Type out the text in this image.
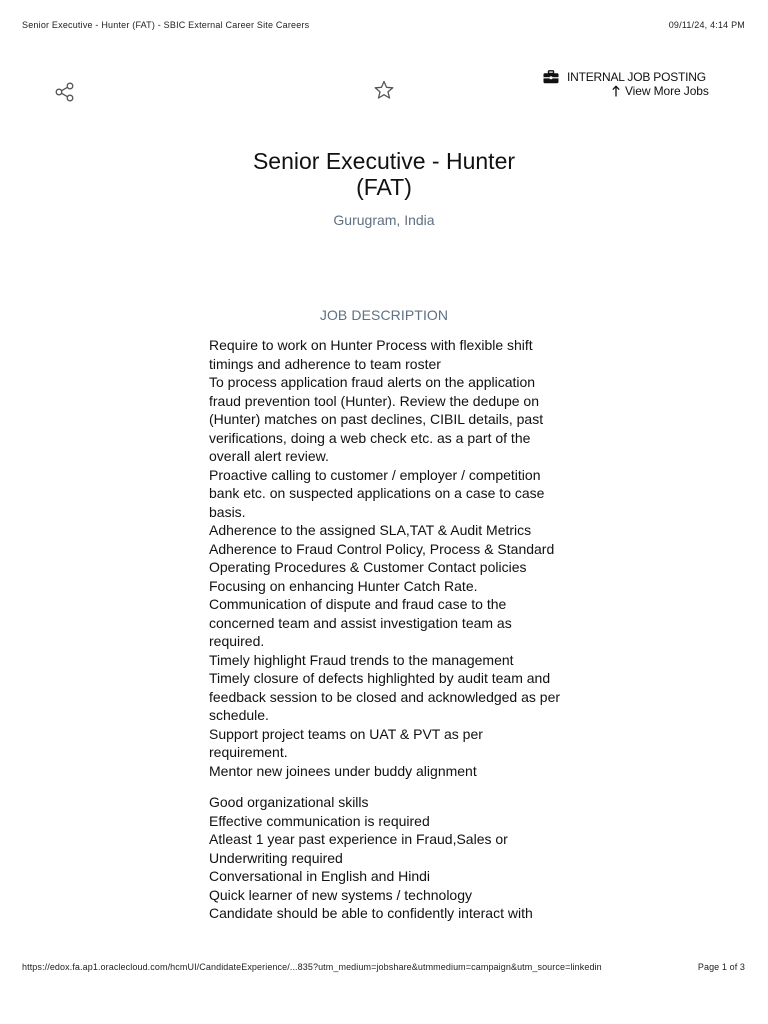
Senior Executive - Hunter (FAT) - SBIC External Career Site Careers	09/11/24, 4:14 PM
INTERNAL JOB POSTING
View More Jobs
Senior Executive - Hunter (FAT)
Gurugram, India
JOB DESCRIPTION
Require to work on Hunter Process with flexible shift timings and adherence to team roster
To process application fraud alerts on the application fraud prevention tool (Hunter). Review the dedupe on (Hunter) matches on past declines, CIBIL details, past verifications, doing a web check etc. as a part of the overall alert review.
Proactive calling to customer / employer / competition bank etc. on suspected applications on a case to case basis.
Adherence to the assigned SLA,TAT & Audit Metrics
Adherence to Fraud Control Policy, Process & Standard Operating Procedures & Customer Contact policies
Focusing on enhancing Hunter Catch Rate.
Communication of dispute and fraud case to the concerned team and assist investigation team as required.
Timely highlight Fraud trends to the management
Timely closure of defects highlighted by audit team and feedback session to be closed and acknowledged as per schedule.
Support project teams on UAT & PVT as per requirement.
Mentor new joinees under buddy alignment
Good organizational skills
Effective communication is required
Atleast 1 year past experience in Fraud,Sales or Underwriting required
Conversational in English and Hindi
Quick learner of new systems / technology
Candidate should be able to confidently interact with
https://edox.fa.ap1.oraclecloud.com/hcmUI/CandidateExperience/...835?utm_medium=jobshare&utmmedium=campaign&utm_source=linkedin	Page 1 of 3
